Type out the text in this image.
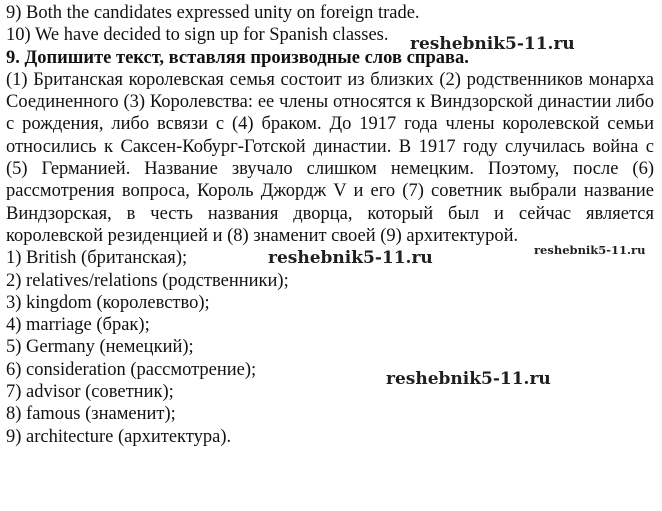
9) Both the candidates expressed unity on foreign trade.
10) We have decided to sign up for Spanish classes.
9. Допишите текст, вставляя производные слов справа.

(1) Британская королевская семья состоит из близких (2) родственников монарха Соединенного (3) Королевства: ее члены относятся к Виндзорской династии либо с рождения, либо всвязи с (4) браком. До 1917 года члены королевской семьи относились к Саксен-Кобург-Готской династии. В 1917 году случилась война с (5) Германией. Название звучало слишком немецким. Поэтому, после (6) рассмотрения вопроса, Король Джордж V и его (7) советник выбрали название Виндзорская, в честь названия дворца, который был и сейчас является королевской резиденцией и (8) знаменит своей (9) архитектурой.

1) British (британская);
2) relatives/relations (родственники);
3) kingdom (королевство);
4) marriage (брак);
5) Germany (немецкий);
6) consideration (рассмотрение);
7) advisor (советник);
8) famous (знаменит);
9) architecture (архитектура).
reshebnik5-11.ru
reshebnik5-11.ru	reshebnik5-11.ru
reshebnik5-11.ru
